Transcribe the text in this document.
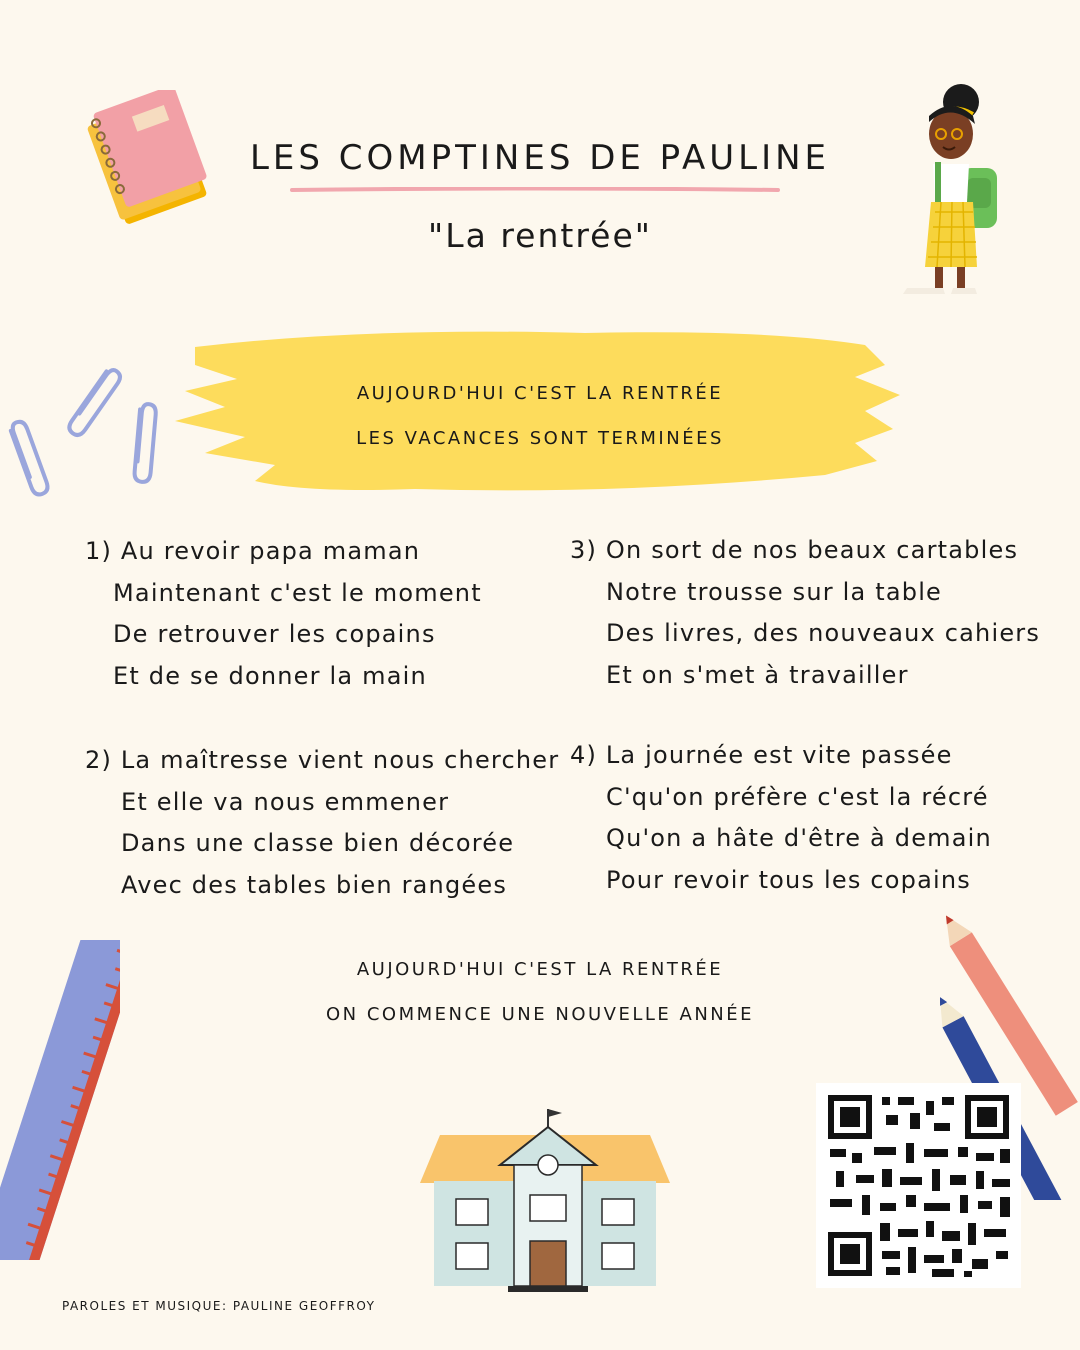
LES COMPTINES DE PAULINE
"La rentrée"
AUJOURD'HUI C'EST LA RENTRÉE
LES VACANCES SONT TERMINÉES
1) Au revoir papa maman
Maintenant c'est le moment
De retrouver les copains
Et de se donner la main
2) La maîtresse vient nous chercher
Et elle va nous emmener
Dans une classe bien décorée
Avec des tables bien rangées
3) On sort de nos beaux cartables
Notre trousse sur la table
Des livres, des nouveaux cahiers
Et on s'met à travailler
4) La journée est vite passée
C'qu'on préfère c'est la récré
Qu'on a hâte d'être à demain
Pour revoir tous les copains
AUJOURD'HUI C'EST LA RENTRÉE
ON COMMENCE UNE NOUVELLE ANNÉE
PAROLES ET MUSIQUE: PAULINE GEOFFROY
